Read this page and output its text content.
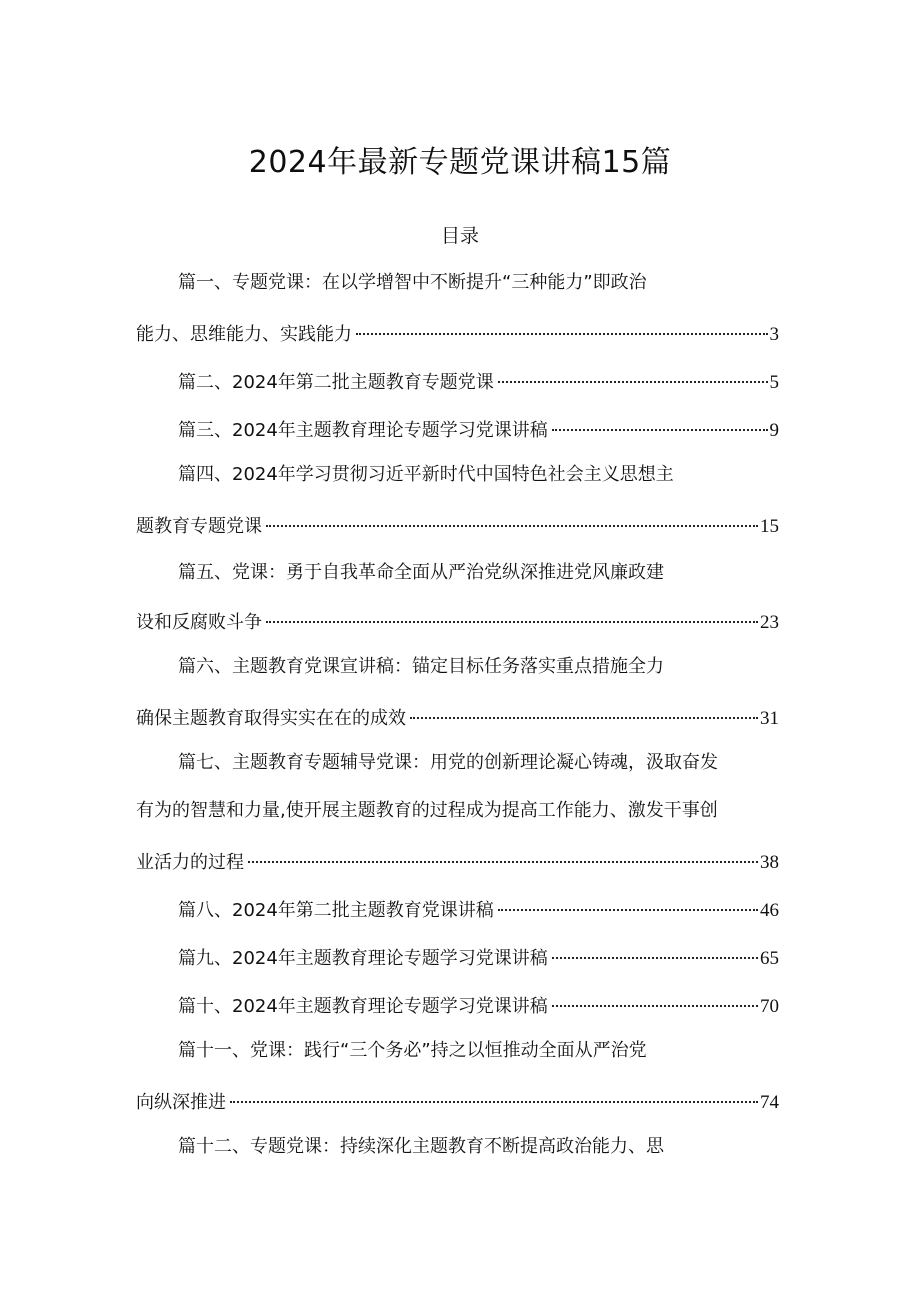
2024年最新专题党课讲稿15篇
目录
篇一、专题党课：在以学增智中不断提升“三种能力”即政治
能力、思维能力、实践能力	3
篇二、2024年第二批主题教育专题党课	5
篇三、2024年主题教育理论专题学习党课讲稿	9
篇四、2024年学习贯彻习近平新时代中国特色社会主义思想主
题教育专题党课	15
篇五、党课：勇于自我革命全面从严治党纵深推进党风廉政建
设和反腐败斗争	23
篇六、主题教育党课宣讲稿：锚定目标任务落实重点措施全力
确保主题教育取得实实在在的成效	31
篇七、主题教育专题辅导党课：用党的创新理论凝心铸魂，汲取奋发
有为的智慧和力量,使开展主题教育的过程成为提高工作能力、激发干事创
业活力的过程	38
篇八、2024年第二批主题教育党课讲稿	46
篇九、2024年主题教育理论专题学习党课讲稿	65
篇十、2024年主题教育理论专题学习党课讲稿	70
篇十一、党课：践行“三个务必”持之以恒推动全面从严治党
向纵深推进	74
篇十二、专题党课：持续深化主题教育不断提高政治能力、思
